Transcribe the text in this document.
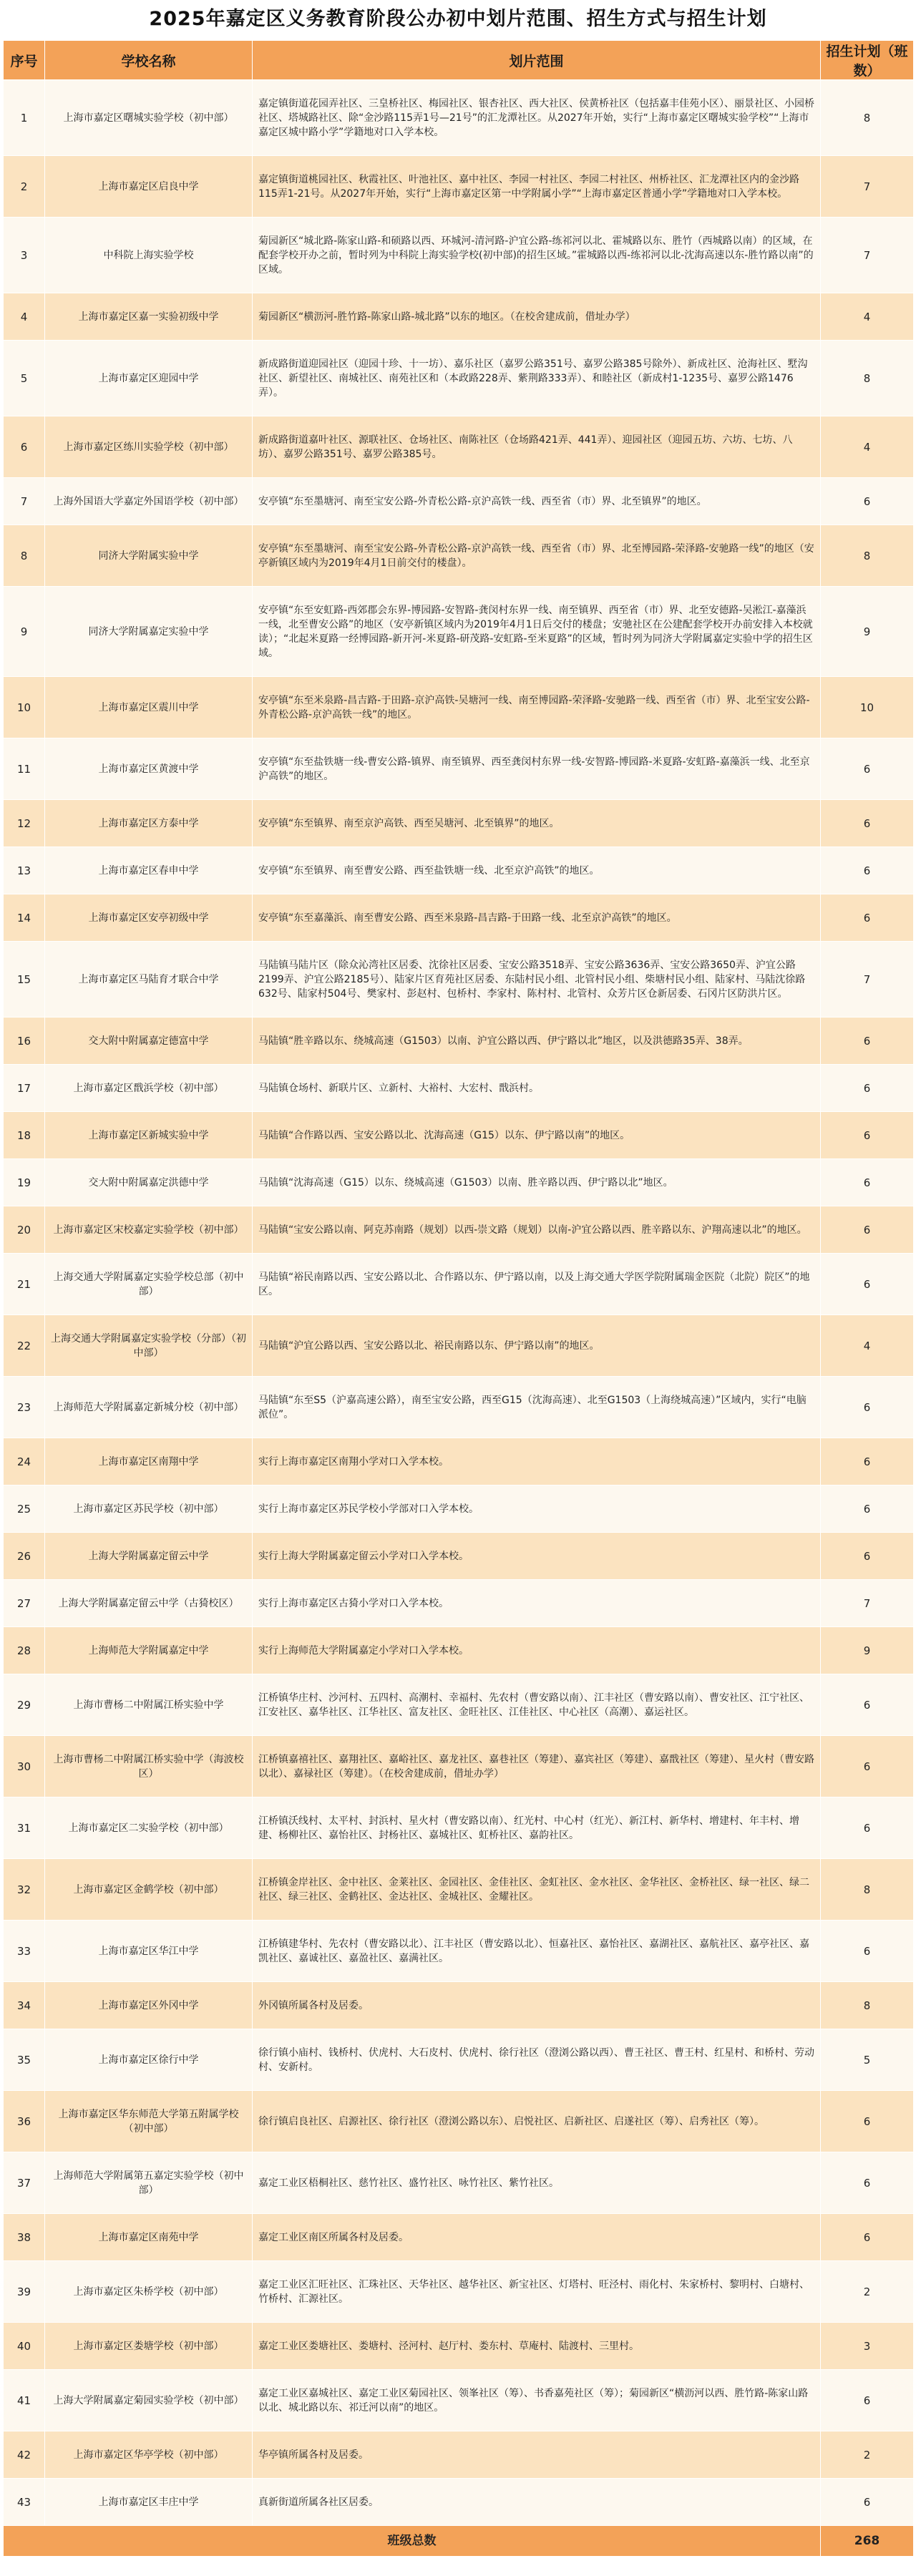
2025年嘉定区义务教育阶段公办初中划片范围、招生方式与招生计划
序号	学校名称	划片范围	招生计划（班数）
1	上海市嘉定区曙城实验学校（初中部）	嘉定镇街道花园弄社区、三皇桥社区、梅园社区、银杏社区、西大社区、侯黄桥社区（包括嘉丰佳苑小区）、丽景社区、小园桥社区、塔城路社区、除“金沙路115弄1号—21号”的汇龙潭社区。从2027年开始，实行“上海市嘉定区曙城实验学校”“上海市嘉定区城中路小学”学籍地对口入学本校。	8
2	上海市嘉定区启良中学	嘉定镇街道桃园社区、秋霞社区、叶池社区、嘉中社区、李园一村社区、李园二村社区、州桥社区、汇龙潭社区内的金沙路115弄1-21号。从2027年开始，实行“上海市嘉定区第一中学附属小学”“上海市嘉定区普通小学”学籍地对口入学本校。	7
3	中科院上海实验学校	菊园新区“城北路-陈家山路-和硕路以西、环城河-清河路-沪宜公路-练祁河以北、霍城路以东、胜竹（西城路以南）的区域，在配套学校开办之前，暂时列为中科院上海实验学校(初中部)的招生区域。”霍城路以西-练祁河以北-沈海高速以东-胜竹路以南”的区域。	7
4	上海市嘉定区嘉一实验初级中学	菊园新区“横沥河-胜竹路-陈家山路-城北路”以东的地区。（在校舍建成前，借址办学）	4
5	上海市嘉定区迎园中学	新成路街道迎园社区（迎园十珍、十一坊）、嘉乐社区（嘉罗公路351号、嘉罗公路385号除外）、新成社区、沧海社区、墅沟社区、新望社区、南城社区、南苑社区和（本政路228弄、紫荆路333弄）、和睦社区（新成村1-1235号、嘉罗公路1476弄）。	8
6	上海市嘉定区练川实验学校（初中部）	新成路街道嘉叶社区、源联社区、仓场社区、南陈社区（仓场路421弄、441弄）、迎园社区（迎园五坊、六坊、七坊、八坊）、嘉罗公路351号、嘉罗公路385号。	4
7	上海外国语大学嘉定外国语学校（初中部）	安亭镇“东至墨塘河、南至宝安公路-外青松公路-京沪高铁一线、西至省（市）界、北至镇界”的地区。	6
8	同济大学附属实验中学	安亭镇“东至墨塘河、南至宝安公路-外青松公路-京沪高铁一线、西至省（市）界、北至博园路-荣泽路-安驰路一线”的地区（安亭新镇区域内为2019年4月1日前交付的楼盘）。	8
9	同济大学附属嘉定实验中学	安亭镇“东至安虹路-西郊郡会东界-博园路-安智路-龚闵村东界一线、南至镇界、西至省（市）界、北至安德路-吴淞江-嘉藻浜一线，北至曹安公路”的地区（安亭新镇区域内为2019年4月1日后交付的楼盘；安驰社区在公建配套学校开办前安排入本校就读）；“北起米夏路一经博园路-新开河-米夏路-研茂路-安虹路-至米夏路”的区域，暂时列为同济大学附属嘉定实验中学的招生区域。	9
10	上海市嘉定区震川中学	安亭镇“东至米泉路-昌吉路-于田路-京沪高铁-吴塘河一线、南至博园路-荣泽路-安驰路一线、西至省（市）界、北至宝安公路-外青松公路-京沪高铁一线”的地区。	10
11	上海市嘉定区黄渡中学	安亭镇“东至盐铁塘一线-曹安公路-镇界、南至镇界、西至龚闵村东界一线-安智路-博园路-米夏路-安虹路-嘉藻浜一线、北至京沪高铁”的地区。	6
12	上海市嘉定区方泰中学	安亭镇“东至镇界、南至京沪高铁、西至吴塘河、北至镇界”的地区。	6
13	上海市嘉定区春申中学	安亭镇“东至镇界、南至曹安公路、西至盐铁塘一线、北至京沪高铁”的地区。	6
14	上海市嘉定区安亭初级中学	安亭镇“东至嘉藻浜、南至曹安公路、西至米泉路-昌吉路-于田路一线、北至京沪高铁”的地区。	6
15	上海市嘉定区马陆育才联合中学	马陆镇马陆片区（除众沁湾社区居委、沈徐社区居委、宝安公路3518弄、宝安公路3636弄、宝安公路3650弄、沪宜公路2199弄、沪宜公路2185号）、陆家片区育苑社区居委、东陆村民小组、北管村民小组、柴塘村民小组、陆家村、马陆沈徐路632号、陆家村504号、樊家村、彭赵村、包桥村、李家村、陈村村、北管村、众芳片区仓新居委、石冈片区防洪片区。	7
16	交大附中附属嘉定德富中学	马陆镇“胜辛路以东、绕城高速（G1503）以南、沪宜公路以西、伊宁路以北”地区，以及洪德路35弄、38弄。	6
17	上海市嘉定区戬浜学校（初中部）	马陆镇仓场村、新联片区、立新村、大裕村、大宏村、戬浜村。	6
18	上海市嘉定区新城实验中学	马陆镇“合作路以西、宝安公路以北、沈海高速（G15）以东、伊宁路以南”的地区。	6
19	交大附中附属嘉定洪德中学	马陆镇“沈海高速（G15）以东、绕城高速（G1503）以南、胜辛路以西、伊宁路以北”地区。	6
20	上海市嘉定区宋校嘉定实验学校（初中部）	马陆镇“宝安公路以南、阿克苏南路（规划）以西-崇文路（规划）以南-沪宜公路以西、胜辛路以东、沪翔高速以北”的地区。	6
21	上海交通大学附属嘉定实验学校总部（初中部）	马陆镇“裕民南路以西、宝安公路以北、合作路以东、伊宁路以南，以及上海交通大学医学院附属瑞金医院（北院）院区”的地区。	6
22	上海交通大学附属嘉定实验学校（分部）（初中部）	马陆镇“沪宜公路以西、宝安公路以北、裕民南路以东、伊宁路以南”的地区。	4
23	上海师范大学附属嘉定新城分校（初中部）	马陆镇“东至S5（沪嘉高速公路），南至宝安公路，西至G15（沈海高速）、北至G1503（上海绕城高速）”区域内，实行“电脑派位”。	6
24	上海市嘉定区南翔中学	实行上海市嘉定区南翔小学对口入学本校。	6
25	上海市嘉定区苏民学校（初中部）	实行上海市嘉定区苏民学校小学部对口入学本校。	6
26	上海大学附属嘉定留云中学	实行上海大学附属嘉定留云小学对口入学本校。	6
27	上海大学附属嘉定留云中学（古猗校区）	实行上海市嘉定区古猗小学对口入学本校。	7
28	上海师范大学附属嘉定中学	实行上海师范大学附属嘉定小学对口入学本校。	9
29	上海市曹杨二中附属江桥实验中学	江桥镇华庄村、沙河村、五四村、高潮村、幸福村、先农村（曹安路以南）、江丰社区（曹安路以南）、曹安社区、江宁社区、江安社区、嘉华社区、江华社区、富友社区、金旺社区、江佳社区、中心社区（高潮）、嘉运社区。	6
30	上海市曹杨二中附属江桥实验中学（海波校区）	江桥镇嘉禧社区、嘉翔社区、嘉峪社区、嘉龙社区、嘉巷社区（筹建）、嘉宾社区（筹建）、嘉戬社区（筹建）、星火村（曹安路以北）、嘉禄社区（筹建）。（在校舍建成前，借址办学）	6
31	上海市嘉定区二实验学校（初中部）	江桥镇沃线村、太平村、封浜村、星火村（曹安路以南）、红光村、中心村（红光）、新江村、新华村、增建村、年丰村、增建、杨柳社区、嘉怡社区、封杨社区、嘉城社区、虹桥社区、嘉韵社区。	6
32	上海市嘉定区金鹤学校（初中部）	江桥镇金岸社区、金中社区、金莱社区、金园社区、金佳社区、金虹社区、金水社区、金华社区、金桥社区、绿一社区、绿二社区、绿三社区、金鹤社区、金达社区、金城社区、金耀社区。	8
33	上海市嘉定区华江中学	江桥镇建华村、先农村（曹安路以北）、江丰社区（曹安路以北）、恒嘉社区、嘉怡社区、嘉湖社区、嘉航社区、嘉亭社区、嘉凯社区、嘉诚社区、嘉盈社区、嘉满社区。	6
34	上海市嘉定区外冈中学	外冈镇所属各村及居委。	8
35	上海市嘉定区徐行中学	徐行镇小庙村、钱桥村、伏虎村、大石皮村、伏虎村、徐行社区（澄浏公路以西）、曹王社区、曹王村、红星村、和桥村、劳动村、安新村。	5
36	上海市嘉定区华东师范大学第五附属学校（初中部）	徐行镇启良社区、启源社区、徐行社区（澄浏公路以东）、启悦社区、启新社区、启遂社区（筹）、启秀社区（筹）。	6
37	上海师范大学附属第五嘉定实验学校（初中部）	嘉定工业区梧桐社区、慈竹社区、盛竹社区、咏竹社区、紫竹社区。	6
38	上海市嘉定区南苑中学	嘉定工业区南区所属各村及居委。	6
39	上海市嘉定区朱桥学校（初中部）	嘉定工业区汇旺社区、汇珠社区、天华社区、越华社区、新宝社区、灯塔村、旺泾村、雨化村、朱家桥村、黎明村、白塘村、竹桥村、汇源社区。	2
40	上海市嘉定区娄塘学校（初中部）	嘉定工业区娄塘社区、娄塘村、泾河村、赵厅村、娄东村、草庵村、陆渡村、三里村。	3
41	上海大学附属嘉定菊园实验学校（初中部）	嘉定工业区嘉城社区、嘉定工业区菊园社区、领峯社区（筹）、书香嘉苑社区（筹）；菊园新区“横沥河以西、胜竹路-陈家山路以北、城北路以东、祁迁河以南”的地区。	6
42	上海市嘉定区华亭学校（初中部）	华亭镇所属各村及居委。	2
43	上海市嘉定区丰庄中学	真新街道所属各社区居委。	6
班级总数			268
